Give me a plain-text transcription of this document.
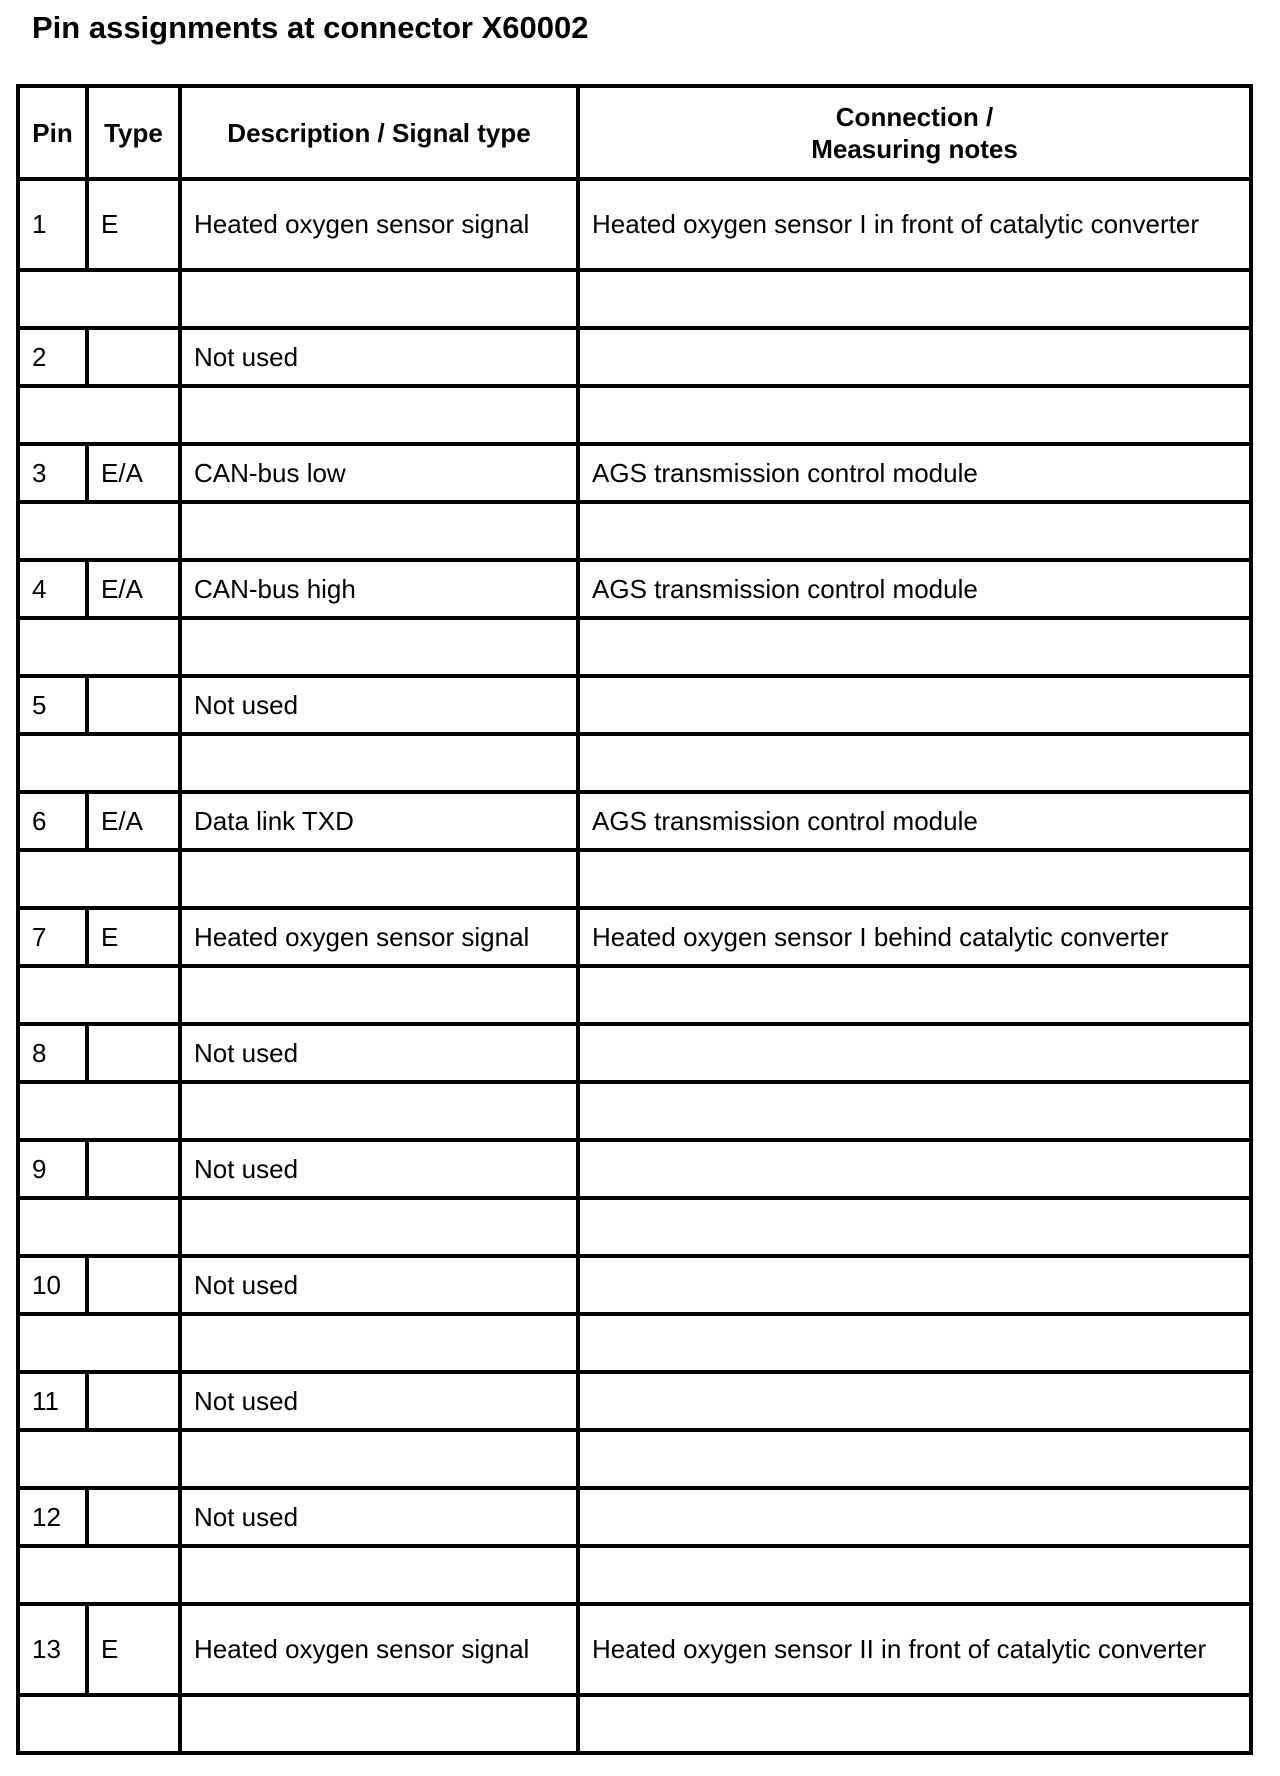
Pin assignments at connector X60002
Pin	Type	Description / Signal type	Connection /
Measuring notes

1	E	Heated oxygen sensor signal	Heated oxygen sensor I in front of catalytic converter

2		Not used	

3	E/A	CAN-bus low	AGS transmission control module

4	E/A	CAN-bus high	AGS transmission control module

5		Not used	

6	E/A	Data link TXD	AGS transmission control module

7	E	Heated oxygen sensor signal	Heated oxygen sensor I behind catalytic converter

8		Not used	

9		Not used	

10		Not used	

11		Not used	

12		Not used	

13	E	Heated oxygen sensor signal	Heated oxygen sensor II in front of catalytic converter
